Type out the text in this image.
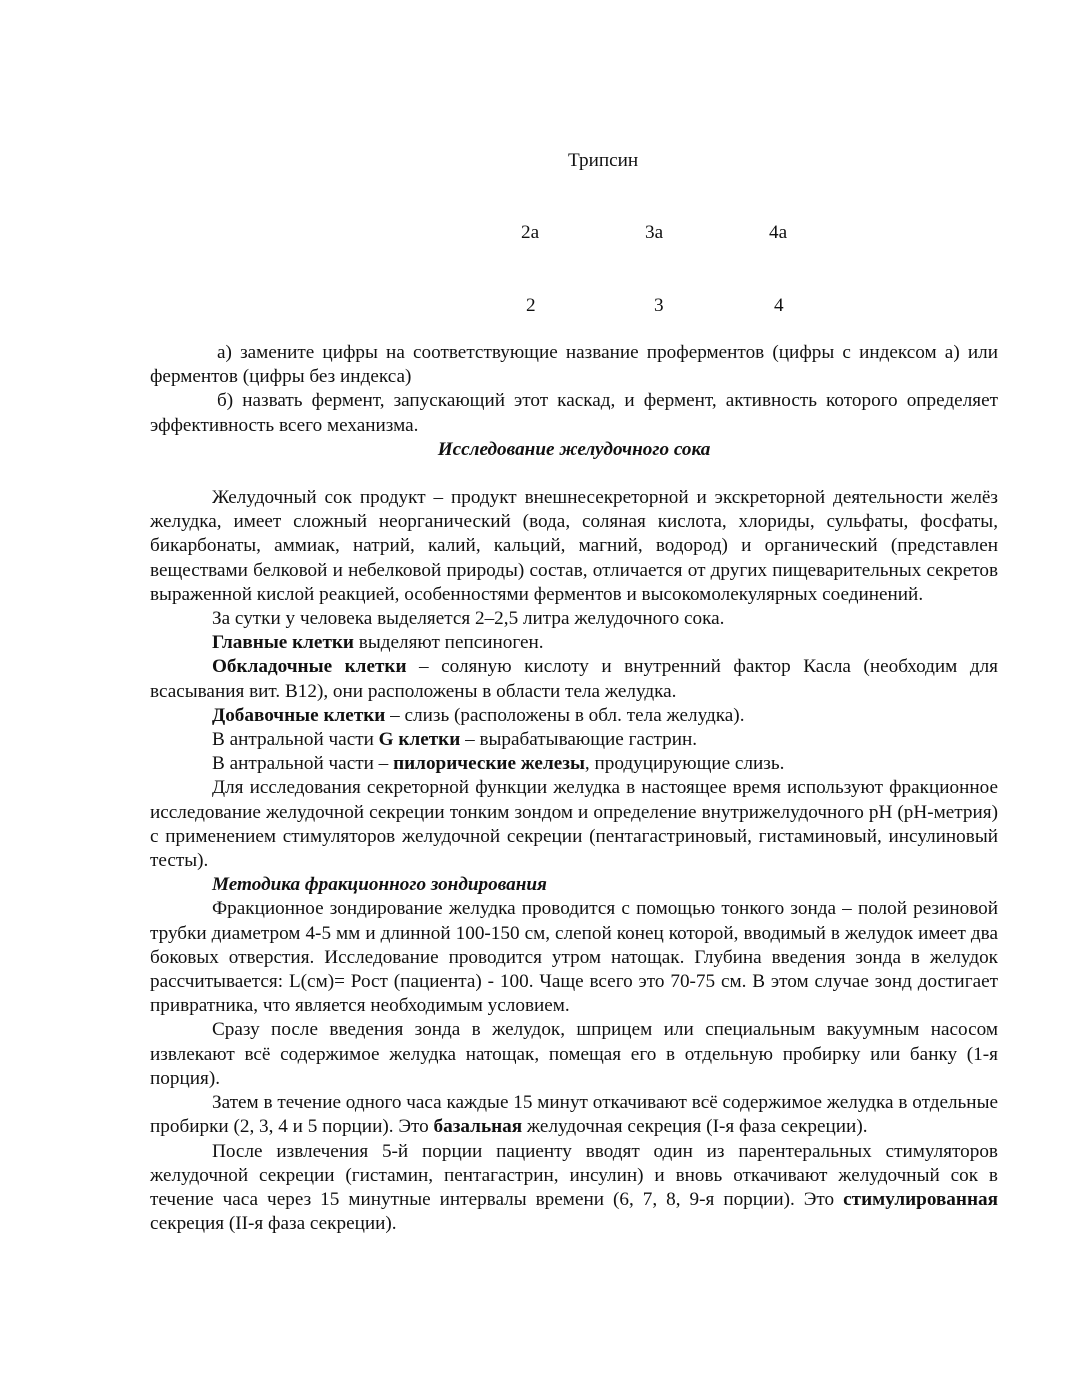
Трипсин
2а	3а	4а
2	3	4

а) замените цифры на соответствующие название проферментов (цифры с индексом а) или ферментов (цифры без индекса)

б) назвать фермент, запускающий этот каскад, и фермент, активность которого определяет эффективность всего механизма.

Исследование желудочного сока

Желудочный сок продукт – продукт внешнесекреторной и экскреторной деятельности желёз желудка, имеет сложный неорганический (вода, соляная кислота, хлориды, сульфаты, фосфаты, бикарбонаты, аммиак, натрий, калий, кальций, магний, водород) и органический (представлен веществами белковой и небелковой природы) состав, отличается от других пищеварительных секретов выраженной кислой реакцией, особенностями ферментов и высокомолекулярных соединений.

За сутки у человека выделяется 2–2,5 литра желудочного сока.

Главные клетки выделяют пепсиноген.

Обкладочные клетки – соляную кислоту и внутренний фактор Касла (необходим для всасывания вит. В12), они расположены в области тела желудка.

Добавочные клетки – слизь (расположены в обл. тела желудка).

В антральной части G клетки – вырабатывающие гастрин.

В антральной части – пилорические железы, продуцирующие слизь.

Для исследования секреторной функции желудка в настоящее время используют фракционное исследование желудочной секреции тонким зондом и определение внутрижелудочного рН (рН-метрия) с применением стимуляторов желудочной секреции (пентагастриновый, гистаминовый, инсулиновый тесты).

Методика фракционного зондирования

Фракционное зондирование желудка проводится с помощью тонкого зонда – полой резиновой трубки диаметром 4-5 мм и длинной 100-150 см, слепой конец которой, вводимый в желудок имеет два боковых отверстия. Исследование проводится утром натощак. Глубина введения зонда в желудок рассчитывается: L(см)= Рост (пациента) - 100. Чаще всего это 70-75 см. В этом случае зонд достигает привратника, что является необходимым условием.

Сразу после введения зонда в желудок, шприцем или специальным вакуумным насосом извлекают всё содержимое желудка натощак, помещая его в отдельную пробирку или банку (1-я порция).

Затем в течение одного часа каждые 15 минут откачивают всё содержимое желудка в отдельные пробирки (2, 3, 4 и 5 порции). Это базальная желудочная секреция (I-я фаза секреции).

После извлечения 5-й порции пациенту вводят один из парентеральных стимуляторов желудочной секреции (гистамин, пентагастрин, инсулин) и вновь откачивают желудочный сок в течение часа через 15 минутные интервалы времени (6, 7, 8, 9-я порции). Это стимулированная секреция (II-я фаза секреции).
